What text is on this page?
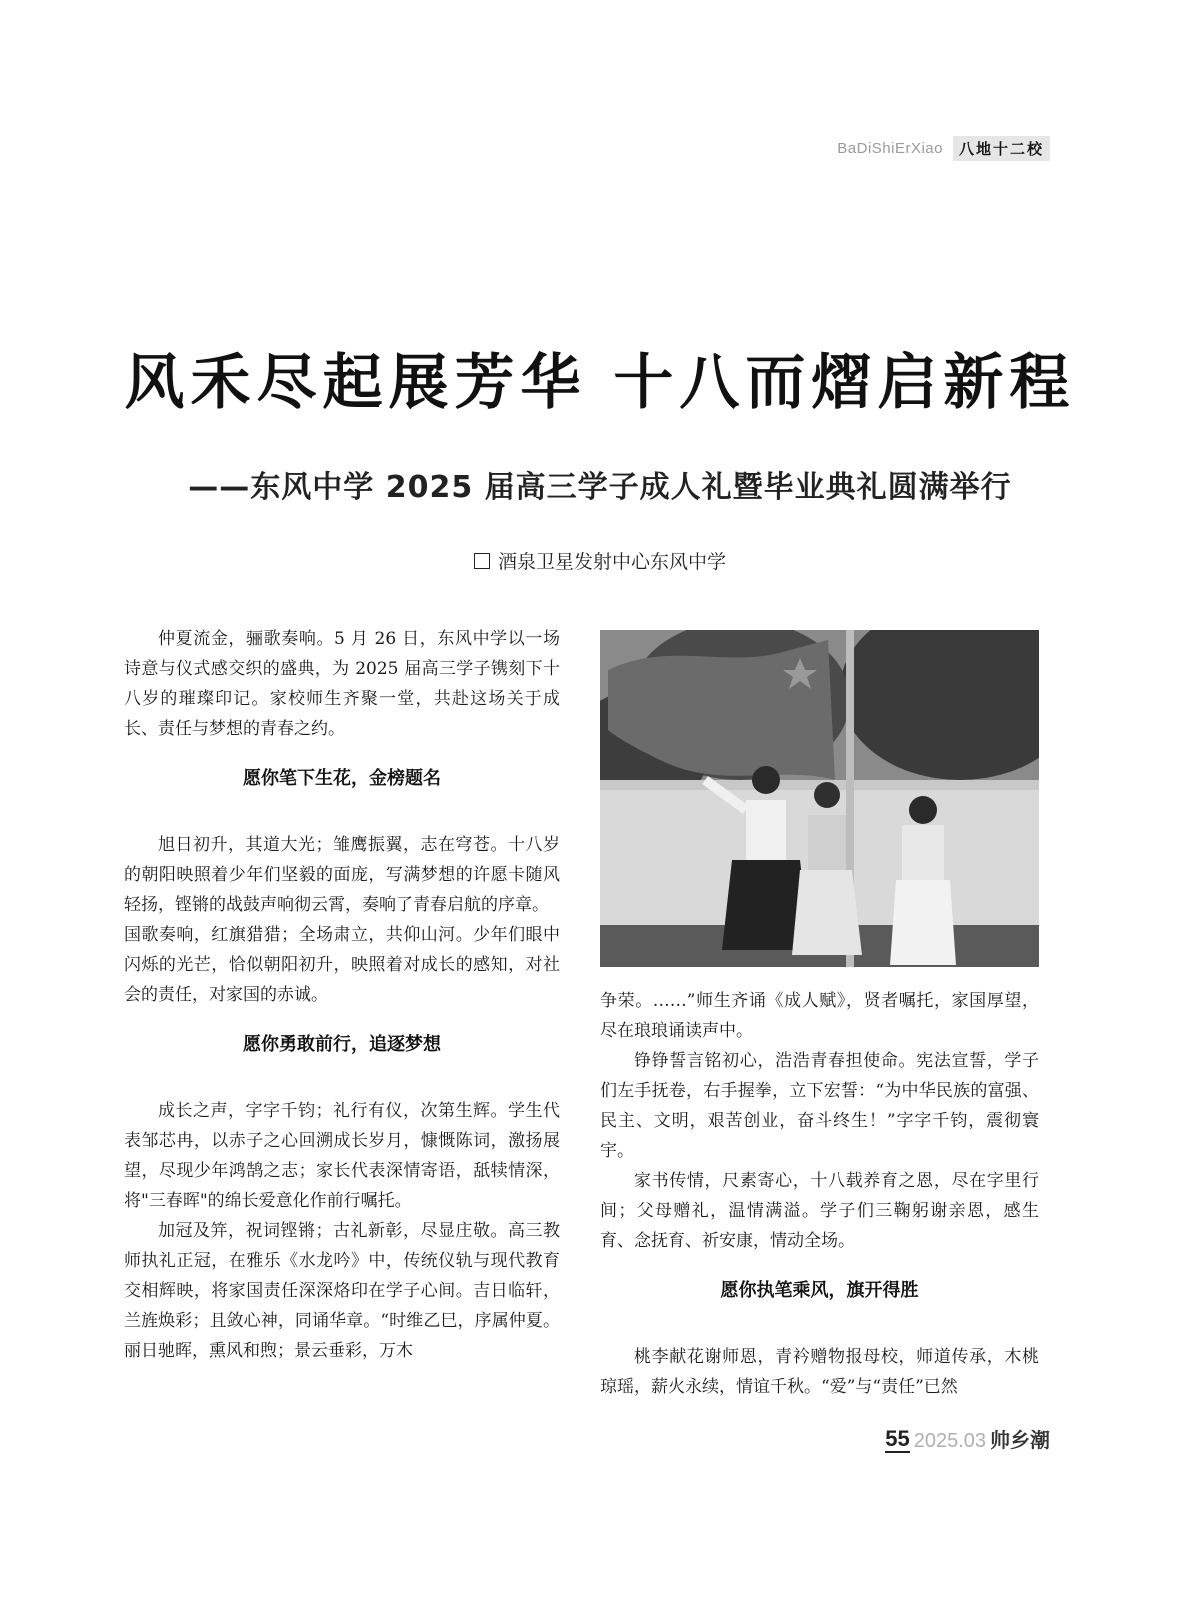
BaDiShiErXiao	八地十二校
风禾尽起展芳华 十八而熠启新程
——东风中学 2025 届高三学子成人礼暨毕业典礼圆满举行
酒泉卫星发射中心东风中学

仲夏流金，骊歌奏响。5 月 26 日，东风中学以一场诗意与仪式感交织的盛典，为 2025 届高三学子镌刻下十八岁的璀璨印记。家校师生齐聚一堂，共赴这场关于成长、责任与梦想的青春之约。

愿你笔下生花，金榜题名

旭日初升，其道大光；雏鹰振翼，志在穹苍。十八岁的朝阳映照着少年们坚毅的面庞，写满梦想的许愿卡随风轻扬，铿锵的战鼓声响彻云霄，奏响了青春启航的序章。

国歌奏响，红旗猎猎；全场肃立，共仰山河。少年们眼中闪烁的光芒，恰似朝阳初升，映照着对成长的感知，对社会的责任，对家国的赤诚。

愿你勇敢前行，追逐梦想

成长之声，字字千钧；礼行有仪，次第生辉。学生代表邹芯冉，以赤子之心回溯成长岁月，慷慨陈词，激扬展望，尽现少年鸿鹄之志；家长代表深情寄语，舐犊情深，将"三春晖"的绵长爱意化作前行嘱托。

加冠及笄，祝词铿锵；古礼新彰，尽显庄敬。高三教师执礼正冠，在雅乐《水龙吟》中，传统仪轨与现代教育交相辉映，将家国责任深深烙印在学子心间。吉日临轩，兰旌焕彩；且敛心神，同诵华章。“时维乙巳，序属仲夏。丽日驰晖，熏风和煦；景云垂彩，万木

争荣。……”师生齐诵《成人赋》，贤者嘱托，家国厚望，尽在琅琅诵读声中。

铮铮誓言铭初心，浩浩青春担使命。宪法宣誓，学子们左手抚卷，右手握拳，立下宏誓：“为中华民族的富强、民主、文明，艰苦创业，奋斗终生！”字字千钧，震彻寰宇。

家书传情，尺素寄心，十八载养育之恩，尽在字里行间；父母赠礼，温情满溢。学子们三鞠躬谢亲恩，感生育、念抚育、祈安康，情动全场。

愿你执笔乘风，旗开得胜

桃李献花谢师恩，青衿赠物报母校，师道传承，木桃琼瑶，薪火永续，情谊千秋。“爱”与“责任”已然

55 2025.03 帅乡潮
